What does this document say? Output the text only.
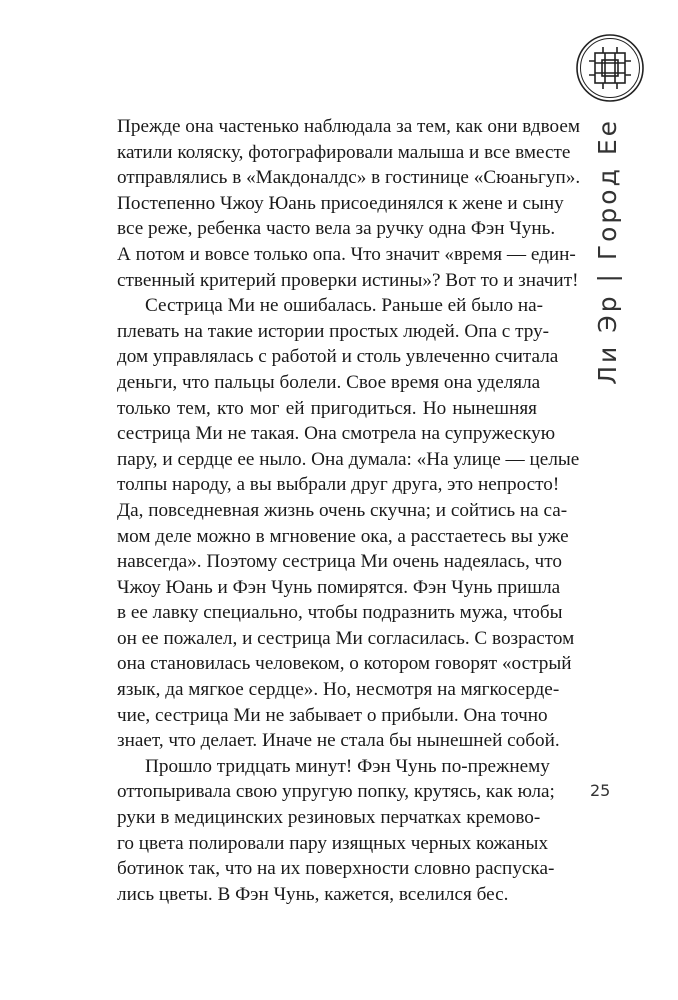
Ли Эр | Город Ее
Прежде она частенько наблюдала за тем, как они вдвоем
катили коляску, фотографировали малыша и все вместе
отправлялись в «Макдоналдс» в гостинице «Сюаньгуп».
Постепенно Чжоу Юань присоединялся к жене и сыну
все реже, ребенка часто вела за ручку одна Фэн Чунь.
А потом и вовсе только опа. Что значит «время — един-
ственный критерий проверки истины»? Вот то и значит!
Сестрица Ми не ошибалась. Раньше ей было на-
плевать на такие истории простых людей. Опа с тру-
дом управлялась с работой и столь увлеченно считала
деньги, что пальцы болели. Свое время она уделяла
только тем, кто мог ей пригодиться. Но нынешняя
сестрица Ми не такая. Она смотрела на супружескую
пару, и сердце ее ныло. Она думала: «На улице — целые
толпы народу, а вы выбрали друг друга, это непросто!
Да, повседневная жизнь очень скучна; и сойтись на са-
мом деле можно в мгновение ока, а расстаетесь вы уже
навсегда». Поэтому сестрица Ми очень надеялась, что
Чжоу Юань и Фэн Чунь помирятся. Фэн Чунь пришла
в ее лавку специально, чтобы подразнить мужа, чтобы
он ее пожалел, и сестрица Ми согласилась. С возрастом
она становилась человеком, о котором говорят «острый
язык, да мягкое сердце». Но, несмотря на мягкосерде-
чие, сестрица Ми не забывает о прибыли. Она точно
знает, что делает. Иначе не стала бы нынешней собой.
Прошло тридцать минут! Фэн Чунь по-прежнему
оттопыривала свою упругую попку, крутясь, как юла;
руки в медицинских резиновых перчатках кремово-
го цвета полировали пару изящных черных кожаных
ботинок так, что на их поверхности словно распуска-
лись цветы. В Фэн Чунь, кажется, вселился бес.
25
